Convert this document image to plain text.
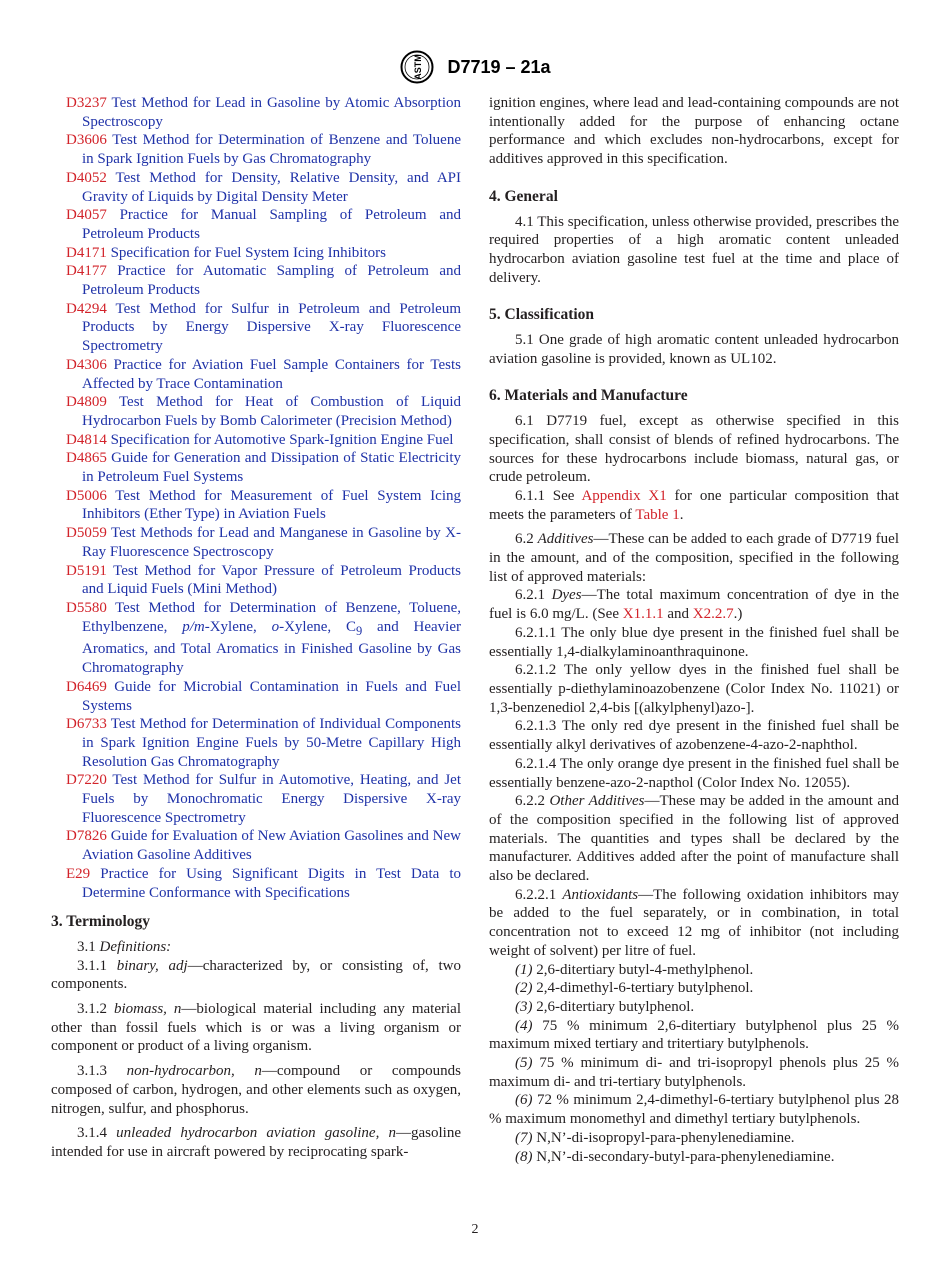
ASTM D7719 – 21a
D3237 Test Method for Lead in Gasoline by Atomic Absorption Spectroscopy
D3606 Test Method for Determination of Benzene and Toluene in Spark Ignition Fuels by Gas Chromatography
D4052 Test Method for Density, Relative Density, and API Gravity of Liquids by Digital Density Meter
D4057 Practice for Manual Sampling of Petroleum and Petroleum Products
D4171 Specification for Fuel System Icing Inhibitors
D4177 Practice for Automatic Sampling of Petroleum and Petroleum Products
D4294 Test Method for Sulfur in Petroleum and Petroleum Products by Energy Dispersive X-ray Fluorescence Spectrometry
D4306 Practice for Aviation Fuel Sample Containers for Tests Affected by Trace Contamination
D4809 Test Method for Heat of Combustion of Liquid Hydrocarbon Fuels by Bomb Calorimeter (Precision Method)
D4814 Specification for Automotive Spark-Ignition Engine Fuel
D4865 Guide for Generation and Dissipation of Static Electricity in Petroleum Fuel Systems
D5006 Test Method for Measurement of Fuel System Icing Inhibitors (Ether Type) in Aviation Fuels
D5059 Test Methods for Lead and Manganese in Gasoline by X-Ray Fluorescence Spectroscopy
D5191 Test Method for Vapor Pressure of Petroleum Products and Liquid Fuels (Mini Method)
D5580 Test Method for Determination of Benzene, Toluene, Ethylbenzene, p/m-Xylene, o-Xylene, $C_9$ and Heavier Aromatics, and Total Aromatics in Finished Gasoline by Gas Chromatography
D6469 Guide for Microbial Contamination in Fuels and Fuel Systems
D6733 Test Method for Determination of Individual Components in Spark Ignition Engine Fuels by 50-Metre Capillary High Resolution Gas Chromatography
D7220 Test Method for Sulfur in Automotive, Heating, and Jet Fuels by Monochromatic Energy Dispersive X-ray Fluorescence Spectrometry
D7826 Guide for Evaluation of New Aviation Gasolines and New Aviation Gasoline Additives
E29 Practice for Using Significant Digits in Test Data to Determine Conformance with Specifications
3. Terminology

3.1 Definitions:

3.1.1 binary, adj—characterized by, or consisting of, two components.

3.1.2 biomass, n—biological material including any material other than fossil fuels which is or was a living organism or component or product of a living organism.

3.1.3 non-hydrocarbon, n—compound or compounds composed of carbon, hydrogen, and other elements such as oxygen, nitrogen, sulfur, and phosphorus.

3.1.4 unleaded hydrocarbon aviation gasoline, n—gasoline intended for use in aircraft powered by reciprocating spark-

ignition engines, where lead and lead-containing compounds are not intentionally added for the purpose of enhancing octane performance and which excludes non-hydrocarbons, except for additives approved in this specification.

4. General

4.1 This specification, unless otherwise provided, prescribes the required properties of a high aromatic content unleaded hydrocarbon aviation gasoline test fuel at the time and place of delivery.

5. Classification

5.1 One grade of high aromatic content unleaded hydrocarbon aviation gasoline is provided, known as UL102.

6. Materials and Manufacture

6.1 D7719 fuel, except as otherwise specified in this specification, shall consist of blends of refined hydrocarbons. The sources for these hydrocarbons include biomass, natural gas, or crude petroleum.

6.1.1 See Appendix X1 for one particular composition that meets the parameters of Table 1.

6.2 Additives—These can be added to each grade of D7719 fuel in the amount, and of the composition, specified in the following list of approved materials:

6.2.1 Dyes—The total maximum concentration of dye in the fuel is 6.0 mg/L. (See X1.1.1 and X2.2.7.)

6.2.1.1 The only blue dye present in the finished fuel shall be essentially 1,4-dialkylaminoanthraquinone.

6.2.1.2 The only yellow dyes in the finished fuel shall be essentially p-diethylaminoazobenzene (Color Index No. 11021) or 1,3-benzenediol 2,4-bis [(alkylphenyl)azo-].

6.2.1.3 The only red dye present in the finished fuel shall be essentially alkyl derivatives of azobenzene-4-azo-2-naphthol.

6.2.1.4 The only orange dye present in the finished fuel shall be essentially benzene-azo-2-napthol (Color Index No. 12055).

6.2.2 Other Additives—These may be added in the amount and of the composition specified in the following list of approved materials. The quantities and types shall be declared by the manufacturer. Additives added after the point of manufacture shall also be declared.

6.2.2.1 Antioxidants—The following oxidation inhibitors may be added to the fuel separately, or in combination, in total concentration not to exceed 12 mg of inhibitor (not including weight of solvent) per litre of fuel.

(1) 2,6-ditertiary butyl-4-methylphenol.

(2) 2,4-dimethyl-6-tertiary butylphenol.

(3) 2,6-ditertiary butylphenol.

(4) 75 % minimum 2,6-ditertiary butylphenol plus 25 % maximum mixed tertiary and tritertiary butylphenols.

(5) 75 % minimum di- and tri-isopropyl phenols plus 25 % maximum di- and tri-tertiary butylphenols.

(6) 72 % minimum 2,4-dimethyl-6-tertiary butylphenol plus 28 % maximum monomethyl and dimethyl tertiary butylphenols.

(7) N,N’-di-isopropyl-para-phenylenediamine.

(8) N,N’-di-secondary-butyl-para-phenylenediamine.

2
